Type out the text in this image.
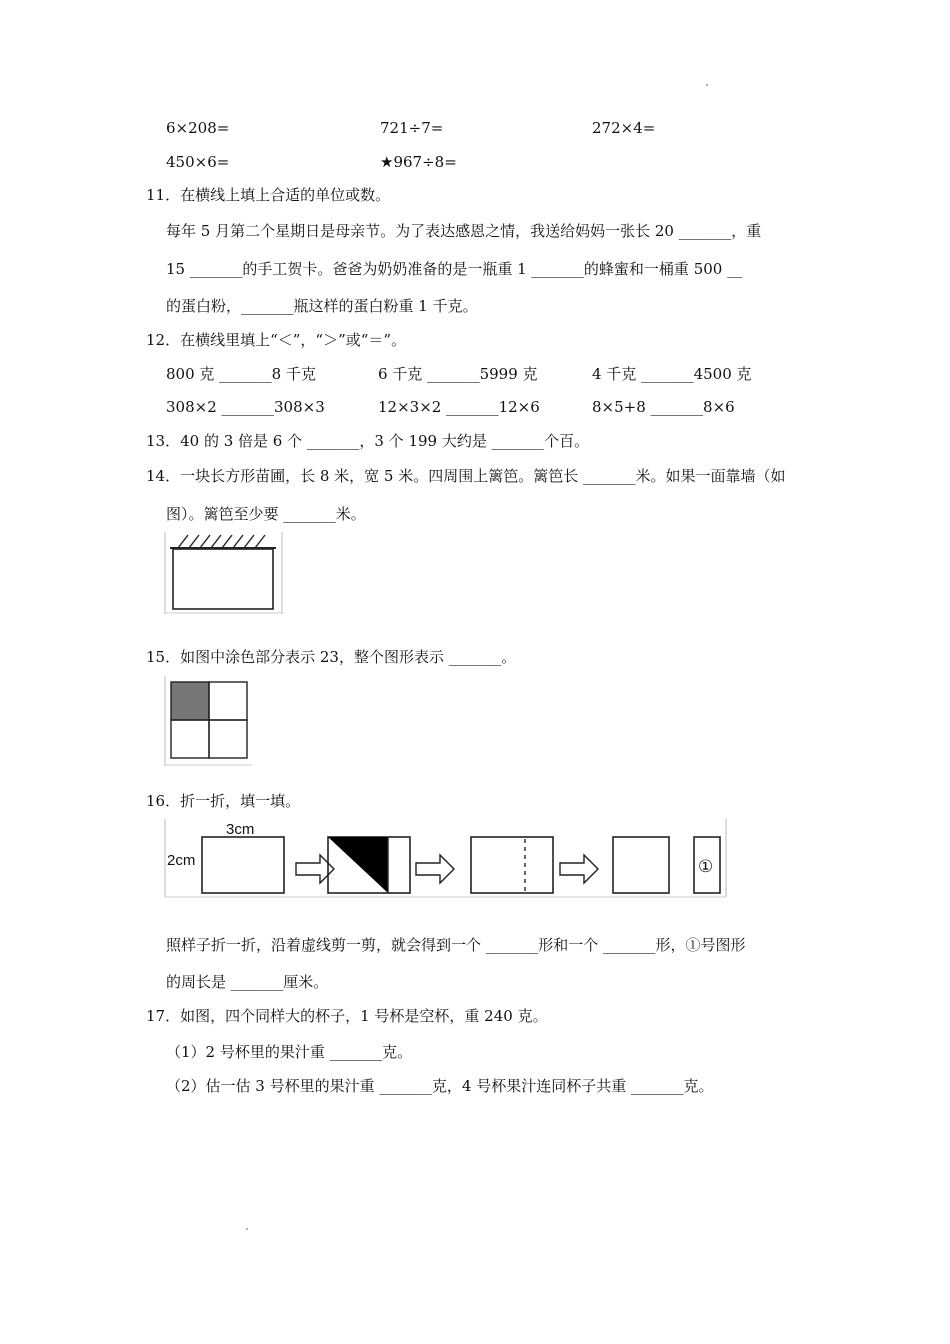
6×208=	721÷7=	272×4=
450×6=	★967÷8=
11．在横线上填上合适的单位或数。
每年 5 月第二个星期日是母亲节。为了表达感恩之情，我送给妈妈一张长 20 _______，重
15 _______的手工贺卡。爸爸为奶奶准备的是一瓶重 1 _______的蜂蜜和一桶重 500 __
的蛋白粉，_______瓶这样的蛋白粉重 1 千克。
12．在横线里填上“＜”，“＞”或“＝”。
800 克 _______8 千克	6 千克 _______5999 克	4 千克 _______4500 克
308×2 _______308×3	12×3×2 _______12×6	8×5+8 _______8×6
13．40 的 3 倍是 6 个 _______，3 个 199 大约是 _______个百。
14．一块长方形苗圃，长 8 米，宽 5 米。四周围上篱笆。篱笆长 _______米。如果一面靠墙（如
图）。篱笆至少要 _______米。
15．如图中涂色部分表示 23，整个图形表示 _______。
16．折一折，填一填。
3cm
2cm	①
照样子折一折，沿着虚线剪一剪，就会得到一个 _______形和一个 _______形，①号图形
的周长是 _______厘米。
17．如图，四个同样大的杯子，1 号杯是空杯，重 240 克。
（1）2 号杯里的果汁重 _______克。
（2）估一估 3 号杯里的果汁重 _______克，4 号杯果汁连同杯子共重 _______克。
